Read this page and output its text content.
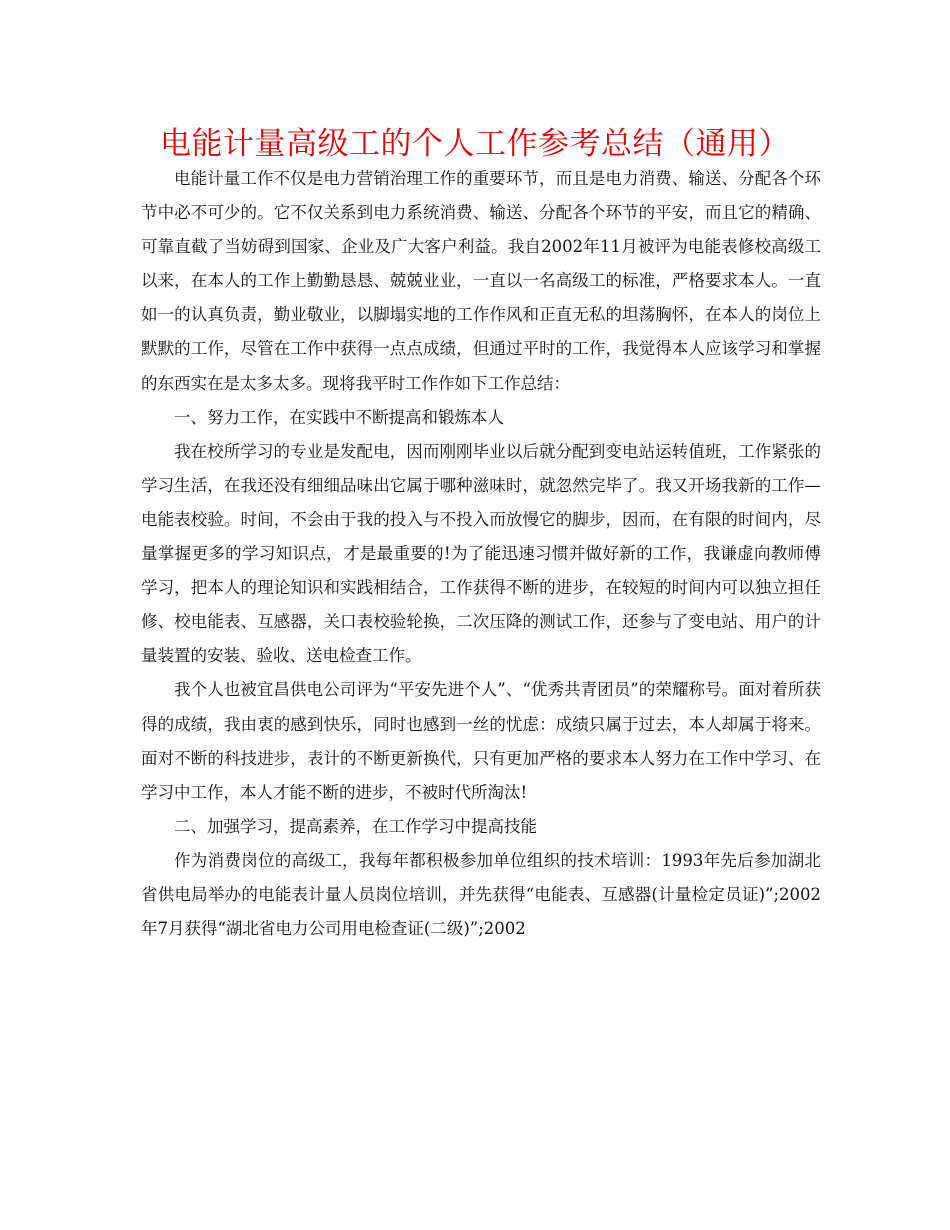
电能计量高级工的个人工作参考总结（通用）

电能计量工作不仅是电力营销治理工作的重要环节，而且是电力消费、输送、分配各个环节中必不可少的。它不仅关系到电力系统消费、输送、分配各个环节的平安，而且它的精确、可靠直截了当妨碍到国家、企业及广大客户利益。我自2002年11月被评为电能表修校高级工以来，在本人的工作上勤勤恳恳、兢兢业业，一直以一名高级工的标准，严格要求本人。一直如一的认真负责，勤业敬业，以脚塌实地的工作作风和正直无私的坦荡胸怀，在本人的岗位上默默的工作，尽管在工作中获得一点点成绩，但通过平时的工作，我觉得本人应该学习和掌握的东西实在是太多太多。现将我平时工作作如下工作总结：

一、努力工作，在实践中不断提高和锻炼本人

我在校所学习的专业是发配电，因而刚刚毕业以后就分配到变电站运转值班，工作紧张的学习生活，在我还没有细细品味出它属于哪种滋味时，就忽然完毕了。我又开场我新的工作—电能表校验。时间，不会由于我的投入与不投入而放慢它的脚步，因而，在有限的时间内，尽量掌握更多的学习知识点，才是最重要的!为了能迅速习惯并做好新的工作，我谦虚向教师傅学习，把本人的理论知识和实践相结合，工作获得不断的进步，在较短的时间内可以独立担任修、校电能表、互感器，关口表校验轮换，二次压降的测试工作，还参与了变电站、用户的计量装置的安装、验收、送电检查工作。

我个人也被宜昌供电公司评为“平安先进个人”、“优秀共青团员”的荣耀称号。面对着所获得的成绩，我由衷的感到快乐，同时也感到一丝的忧虑：成绩只属于过去，本人却属于将来。面对不断的科技进步，表计的不断更新换代，只有更加严格的要求本人努力在工作中学习、在学习中工作，本人才能不断的进步，不被时代所淘汰!

二、加强学习，提高素养，在工作学习中提高技能

作为消费岗位的高级工，我每年都积极参加单位组织的技术培训：1993年先后参加湖北省供电局举办的电能表计量人员岗位培训，并先获得“电能表、互感器(计量检定员证)”;2002年7月获得“湖北省电力公司用电检查证(二级)”;2002
